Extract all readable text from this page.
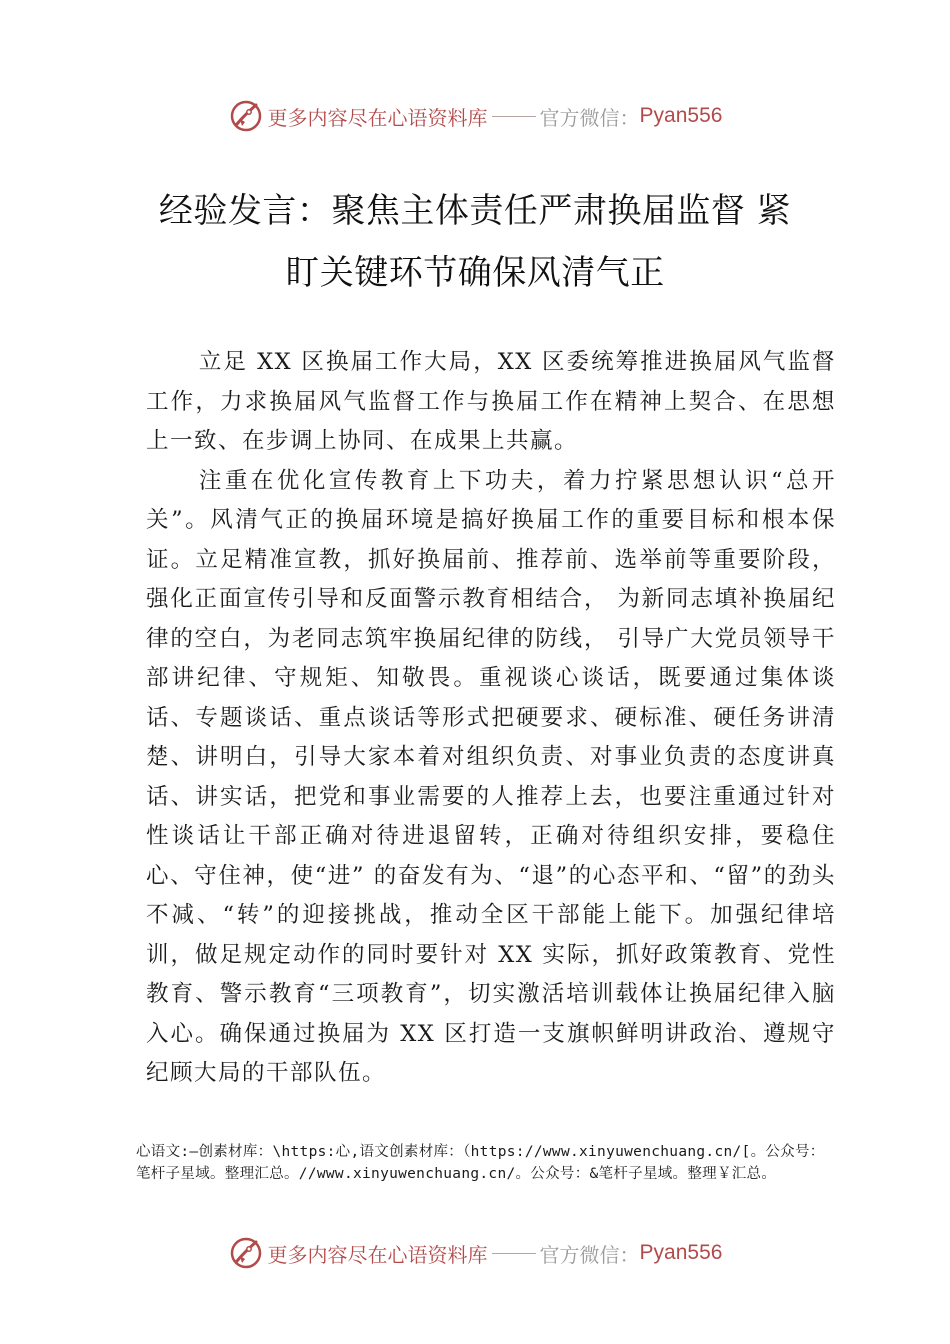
更多内容尽在心语资料库	官方微信： Pyan556
经验发言：聚焦主体责任严肃换届监督 紧
盯关键环节确保风清气正

立足 XX 区换届工作大局，XX 区委统筹推进换届风气监督工作，力求换届风气监督工作与换届工作在精神上契合、在思想上一致、在步调上协同、在成果上共赢。

注重在优化宣传教育上下功夫，着力拧紧思想认识“总开关”。风清气正的换届环境是搞好换届工作的重要目标和根本保证。立足精准宣教，抓好换届前、推荐前、选举前等重要阶段，强化正面宣传引导和反面警示教育相结合， 为新同志填补换届纪律的空白，为老同志筑牢换届纪律的防线， 引导广大党员领导干部讲纪律、守规矩、知敬畏。重视谈心谈话，既要通过集体谈话、专题谈话、重点谈话等形式把硬要求、硬标准、硬任务讲清楚、讲明白，引导大家本着对组织负责、对事业负责的态度讲真话、讲实话，把党和事业需要的人推荐上去，也要注重通过针对性谈话让干部正确对待进退留转，正确对待组织安排，要稳住心、守住神，使“进” 的奋发有为、“退”的心态平和、“留”的劲头不减、“转”的迎接挑战，推动全区干部能上能下。加强纪律培训，做足规定动作的同时要针对 XX 实际，抓好政策教育、党性教育、警示教育“三项教育”，切实激活培训载体让换届纪律入脑入心。确保通过换届为 XX 区打造一支旗帜鲜明讲政治、遵规守纪顾大局的干部队伍。

心语文:—创素材库：\https:心,语文创素材库：（https://www.xinyuwenchuang.cn/[。公众号：笔杆子星域。整理汇总。//www.xinyuwenchuang.cn/。公众号：&笔杆子星域。整理￥汇总。
更多内容尽在心语资料库	官方微信： Pyan556
